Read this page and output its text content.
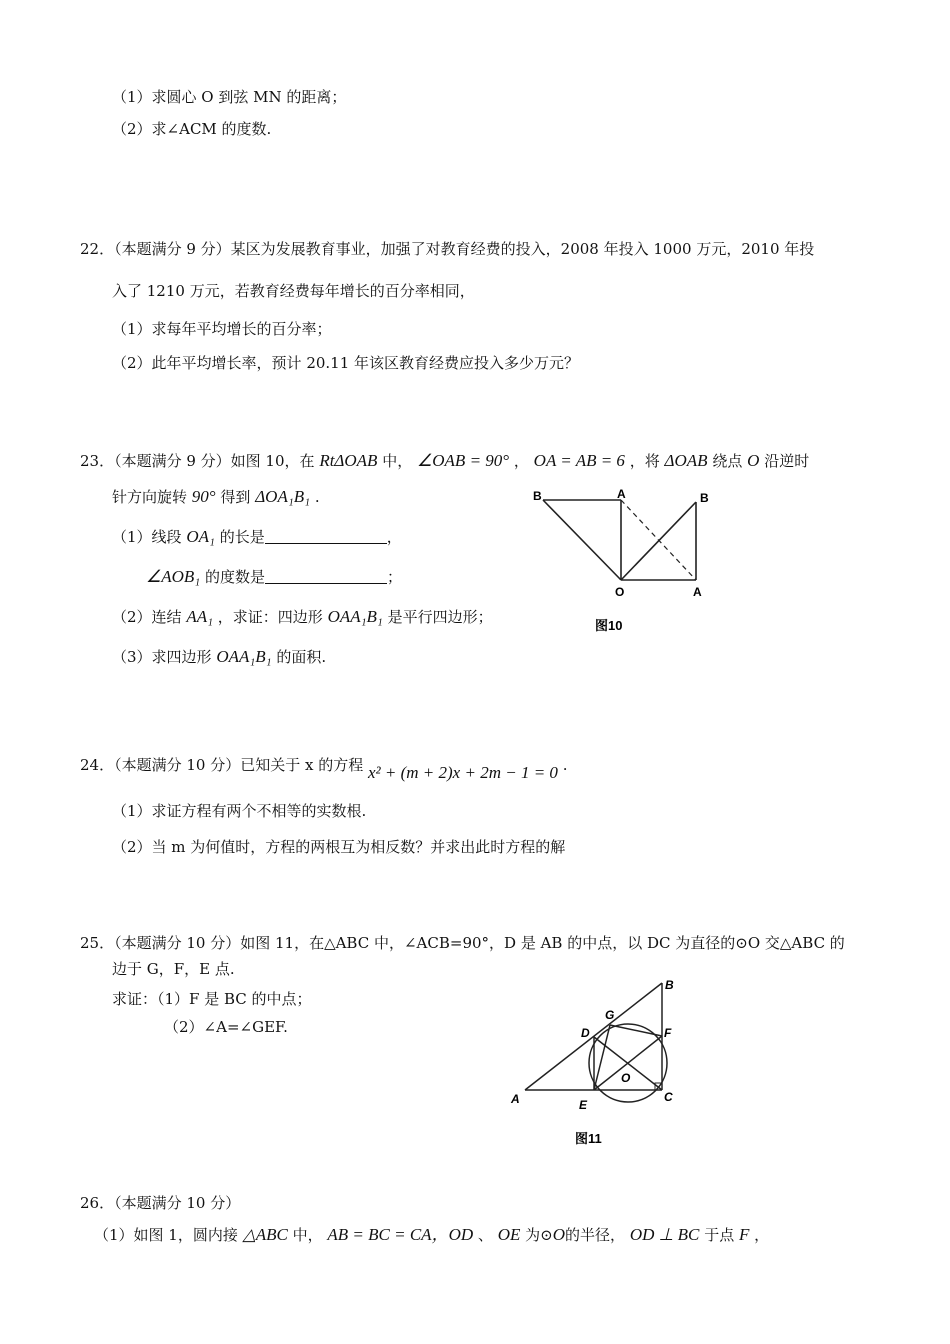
（1）求圆心 O 到弦 MN 的距离；
（2）求∠ACM 的度数.
22．（本题满分 9 分）某区为发展教育事业，加强了对教育经费的投入，2008 年投入 1000 万元，2010 年投
入了 1210 万元，若教育经费每年增长的百分率相同，
（1）求每年平均增长的百分率；
（2）此年平均增长率，预计 20.11 年该区教育经费应投入多少万元？
23．（本题满分 9 分）如图 10，在 RtΔOAB 中， ∠OAB = 90° ， OA = AB = 6 ，将 ΔOAB 绕点 O 沿逆时
针方向旋转 90° 得到 ΔOA₁B₁ .
（1）线段 OA₁ 的长是	，
∠AOB₁ 的度数是	；
（2）连结 AA₁ ，求证：四边形 OAA₁B₁ 是平行四边形；
（3）求四边形 OAA₁B₁ 的面积.
B	A	B
O	A
图10
24．（本题满分 10 分）已知关于 x 的方程 x² + (m + 2)x + 2m − 1 = 0 .
（1）求证方程有两个不相等的实数根.
（2）当 m 为何值时，方程的两根互为相反数？并求出此时方程的解
25．（本题满分 10 分）如图 11，在△ABC 中，∠ACB=90°，D 是 AB 的中点，以 DC 为直径的⊙O 交△ABC 的
边于 G，F，E 点.
求证：（1）F 是 BC 的中点；
（2）∠A=∠GEF.
B
G
D	F
O
A	E
C
图11
26．（本题满分 10 分）
（1）如图 1，圆内接 △ABC 中， AB = BC = CA，OD 、 OE 为⊙O的半径， OD ⊥ BC 于点 F ，
